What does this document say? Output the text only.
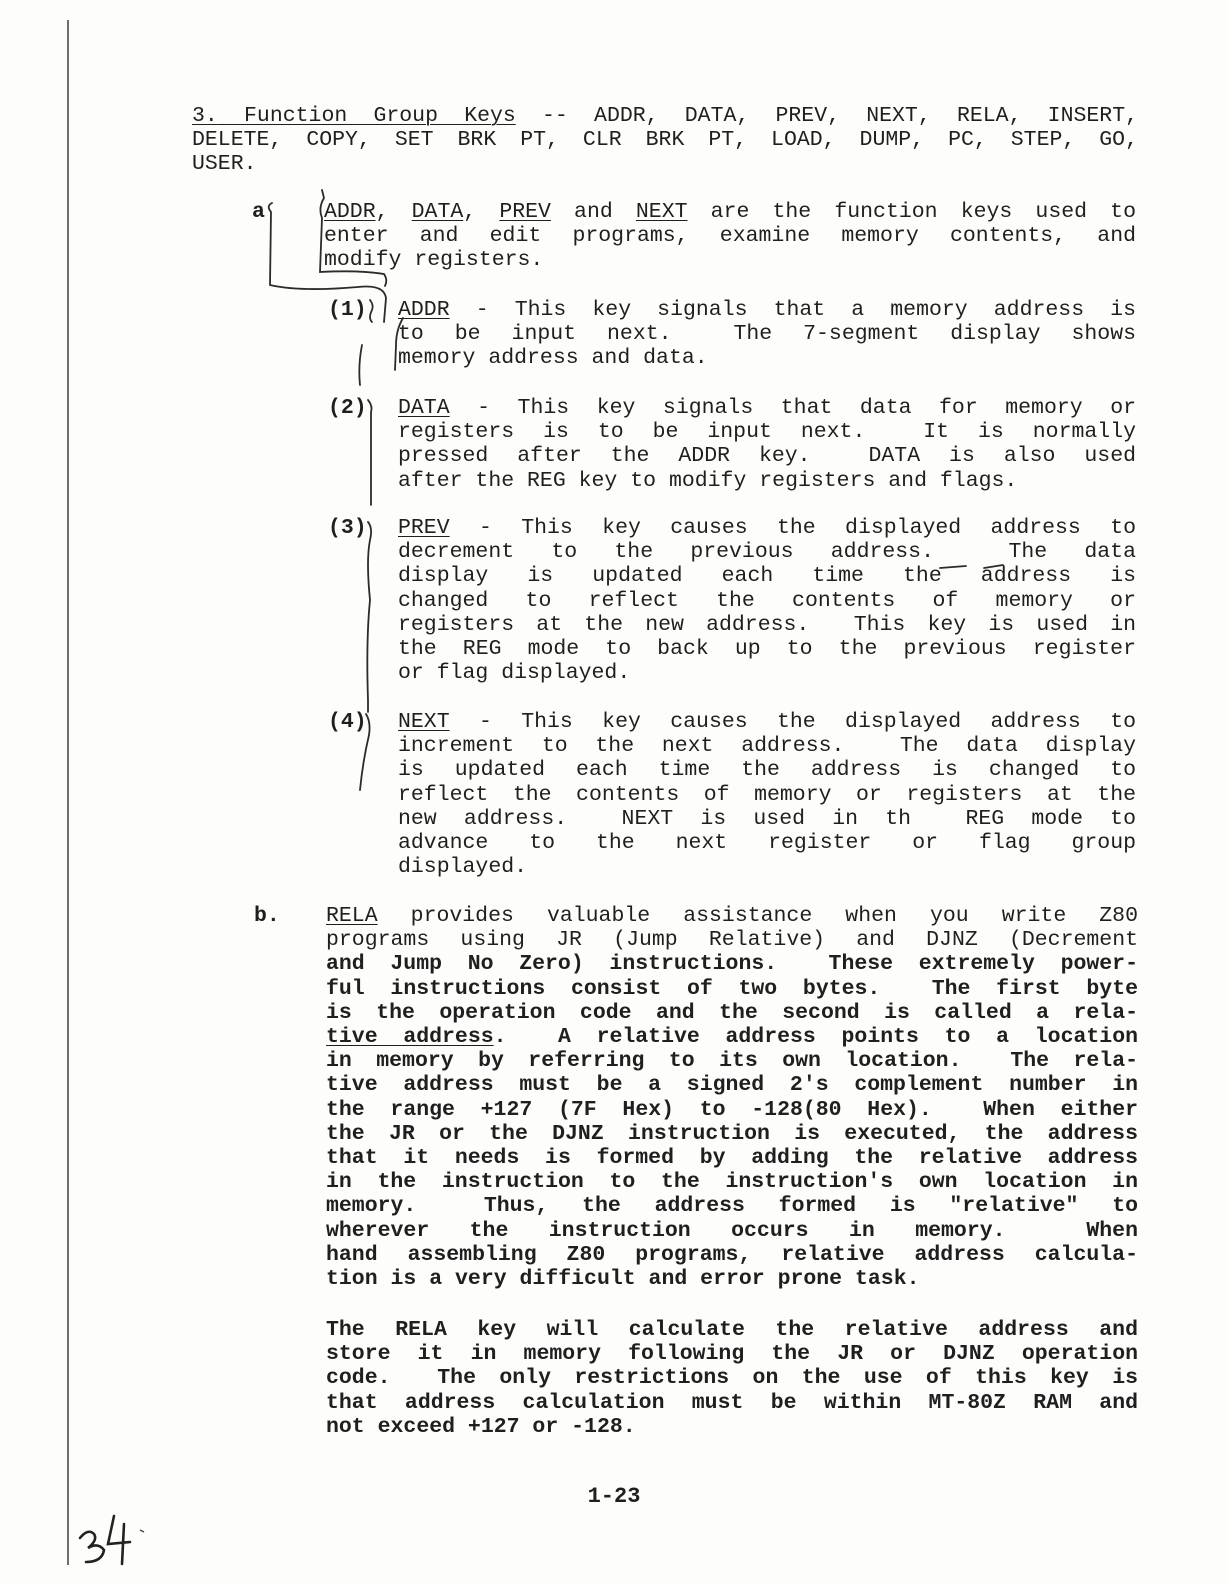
3. Function Group Keys -- ADDR, DATA, PREV, NEXT, RELA, INSERT,
DELETE, COPY, SET BRK PT, CLR BRK PT, LOAD, DUMP, PC, STEP, GO,
USER.
a	ADDR, DATA, PREV and NEXT are the function keys used to
enter and edit programs, examine memory contents, and
modify registers.
(1) ADDR - This key signals that a memory address is
to be input next.  The 7-segment display shows
memory address and data.
(2) DATA - This key signals that data for memory or
registers is to be input next.  It is normally
pressed after the ADDR key.  DATA is also used
after the REG key to modify registers and flags.
(3) PREV - This key causes the displayed address to
decrement to the previous address.  The data
display is updated each time the address is
changed to reflect the contents of memory or
registers at the new address.  This key is used in
the REG mode to back up to the previous register
or flag displayed.
(4) NEXT - This key causes the displayed address to
increment to the next address.  The data display
is updated each time the address is changed to
reflect the contents of memory or registers at the
new address.  NEXT is used in th  REG mode to
advance to the next register or flag group
displayed.
b. RELA provides valuable assistance when you write Z80
programs using JR (Jump Relative) and DJNZ (Decrement
and Jump No Zero) instructions.  These extremely power-
ful instructions consist of two bytes.  The first byte
is the operation code and the second is called a rela-
tive address.  A relative address points to a location
in memory by referring to its own location.  The rela-
tive address must be a signed 2's complement number in
the range +127 (7F Hex) to -128(80 Hex).  When either
the JR or the DJNZ instruction is executed, the address
that it needs is formed by adding the relative address
in the instruction to the instruction's own location in
memory.  Thus, the address formed is "relative" to
wherever the instruction occurs in memory.  When
hand assembling Z80 programs, relative address calcula-
tion is a very difficult and error prone task.
The RELA key will calculate the relative address and
store it in memory following the JR or DJNZ operation
code.  The only restrictions on the use of this key is
that address calculation must be within MT-80Z RAM and
not exceed +127 or -128.
1-23
